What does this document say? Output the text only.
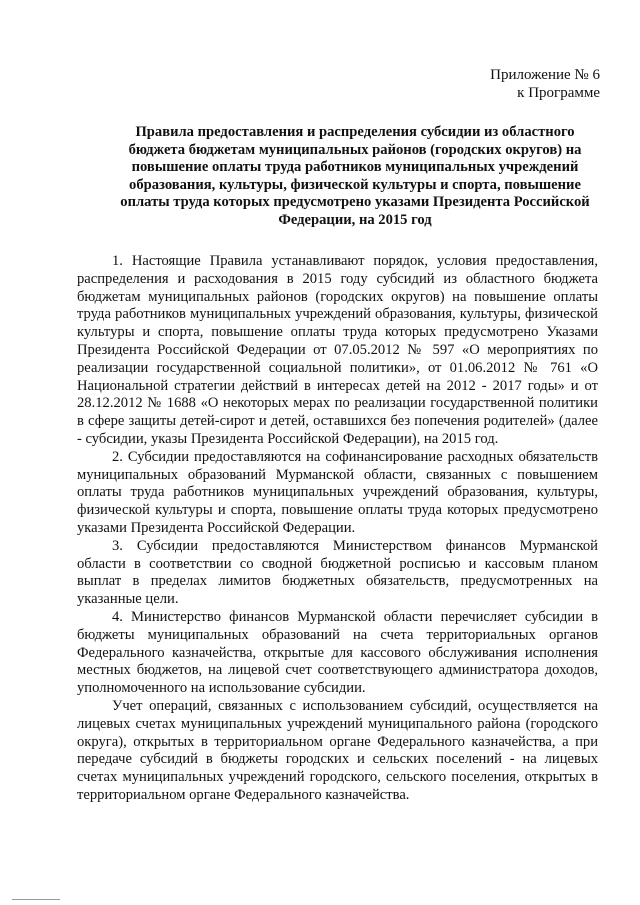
Приложение № 6
к Программе
Правила предоставления и распределения субсидии из областного бюджета бюджетам муниципальных районов (городских округов) на повышение оплаты труда работников муниципальных учреждений образования, культуры, физической культуры и спорта, повышение оплаты труда которых предусмотрено указами Президента Российской Федерации, на 2015 год

1. Настоящие Правила устанавливают порядок, условия предоставления, распределения и расходования в 2015 году субсидий из областного бюджета бюджетам муниципальных районов (городских округов) на повышение оплаты труда работников муниципальных учреждений образования, культуры, физической культуры и спорта, повышение оплаты труда которых предусмотрено Указами Президента Российской Федерации от 07.05.2012 № 597 «О мероприятиях по реализации государственной социальной политики», от 01.06.2012 № 761 «О Национальной стратегии действий в интересах детей на 2012 - 2017 годы» и от 28.12.2012 № 1688 «О некоторых мерах по реализации государственной политики в сфере защиты детей-сирот и детей, оставшихся без попечения родителей» (далее - субсидии, указы Президента Российской Федерации), на 2015 год.

2. Субсидии предоставляются на софинансирование расходных обязательств муниципальных образований Мурманской области, связанных с повышением оплаты труда работников муниципальных учреждений образования, культуры, физической культуры и спорта, повышение оплаты труда которых предусмотрено указами Президента Российской Федерации.

3. Субсидии предоставляются Министерством финансов Мурманской области в соответствии со сводной бюджетной росписью и кассовым планом выплат в пределах лимитов бюджетных обязательств, предусмотренных на указанные цели.

4. Министерство финансов Мурманской области перечисляет субсидии в бюджеты муниципальных образований на счета территориальных органов Федерального казначейства, открытые для кассового обслуживания исполнения местных бюджетов, на лицевой счет соответствующего администратора доходов, уполномоченного на использование субсидии.

Учет операций, связанных с использованием субсидий, осуществляется на лицевых счетах муниципальных учреждений муниципального района (городского округа), открытых в территориальном органе Федерального казначейства, а при передаче субсидий в бюджеты городских и сельских поселений - на лицевых счетах муниципальных учреждений городского, сельского поселения, открытых в территориальном органе Федерального казначейства.
